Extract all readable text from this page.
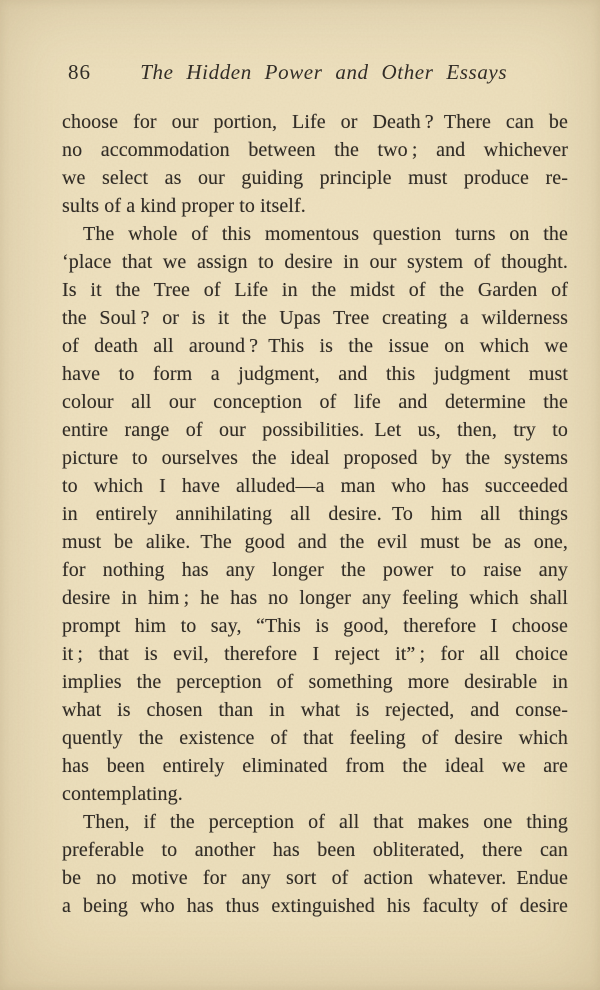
86 The Hidden Power and Other Essays
choose for our portion, Life or Death ? There can be
no accommodation between the two ; and whichever
we select as our guiding principle must produce re-
sults of a kind proper to itself.
The whole of this momentous question turns on the
‘place that we assign to desire in our system of thought.
Is it the Tree of Life in the midst of the Garden of
the Soul ? or is it the Upas Tree creating a wilderness
of death all around ? This is the issue on which we
have to form a judgment, and this judgment must
colour all our conception of life and determine the
entire range of our possibilities. Let us, then, try to
picture to ourselves the ideal proposed by the systems
to which I have alluded—a man who has succeeded
in entirely annihilating all desire. To him all things
must be alike. The good and the evil must be as one,
for nothing has any longer the power to raise any
desire in him ; he has no longer any feeling which shall
prompt him to say, “This is good, therefore I choose
it ; that is evil, therefore I reject it” ; for all choice
implies the perception of something more desirable in
what is chosen than in what is rejected, and conse-
quently the existence of that feeling of desire which
has been entirely eliminated from the ideal we are
contemplating.
Then, if the perception of all that makes one thing
preferable to another has been obliterated, there can
be no motive for any sort of action whatever. Endue
a being who has thus extinguished his faculty of desire
